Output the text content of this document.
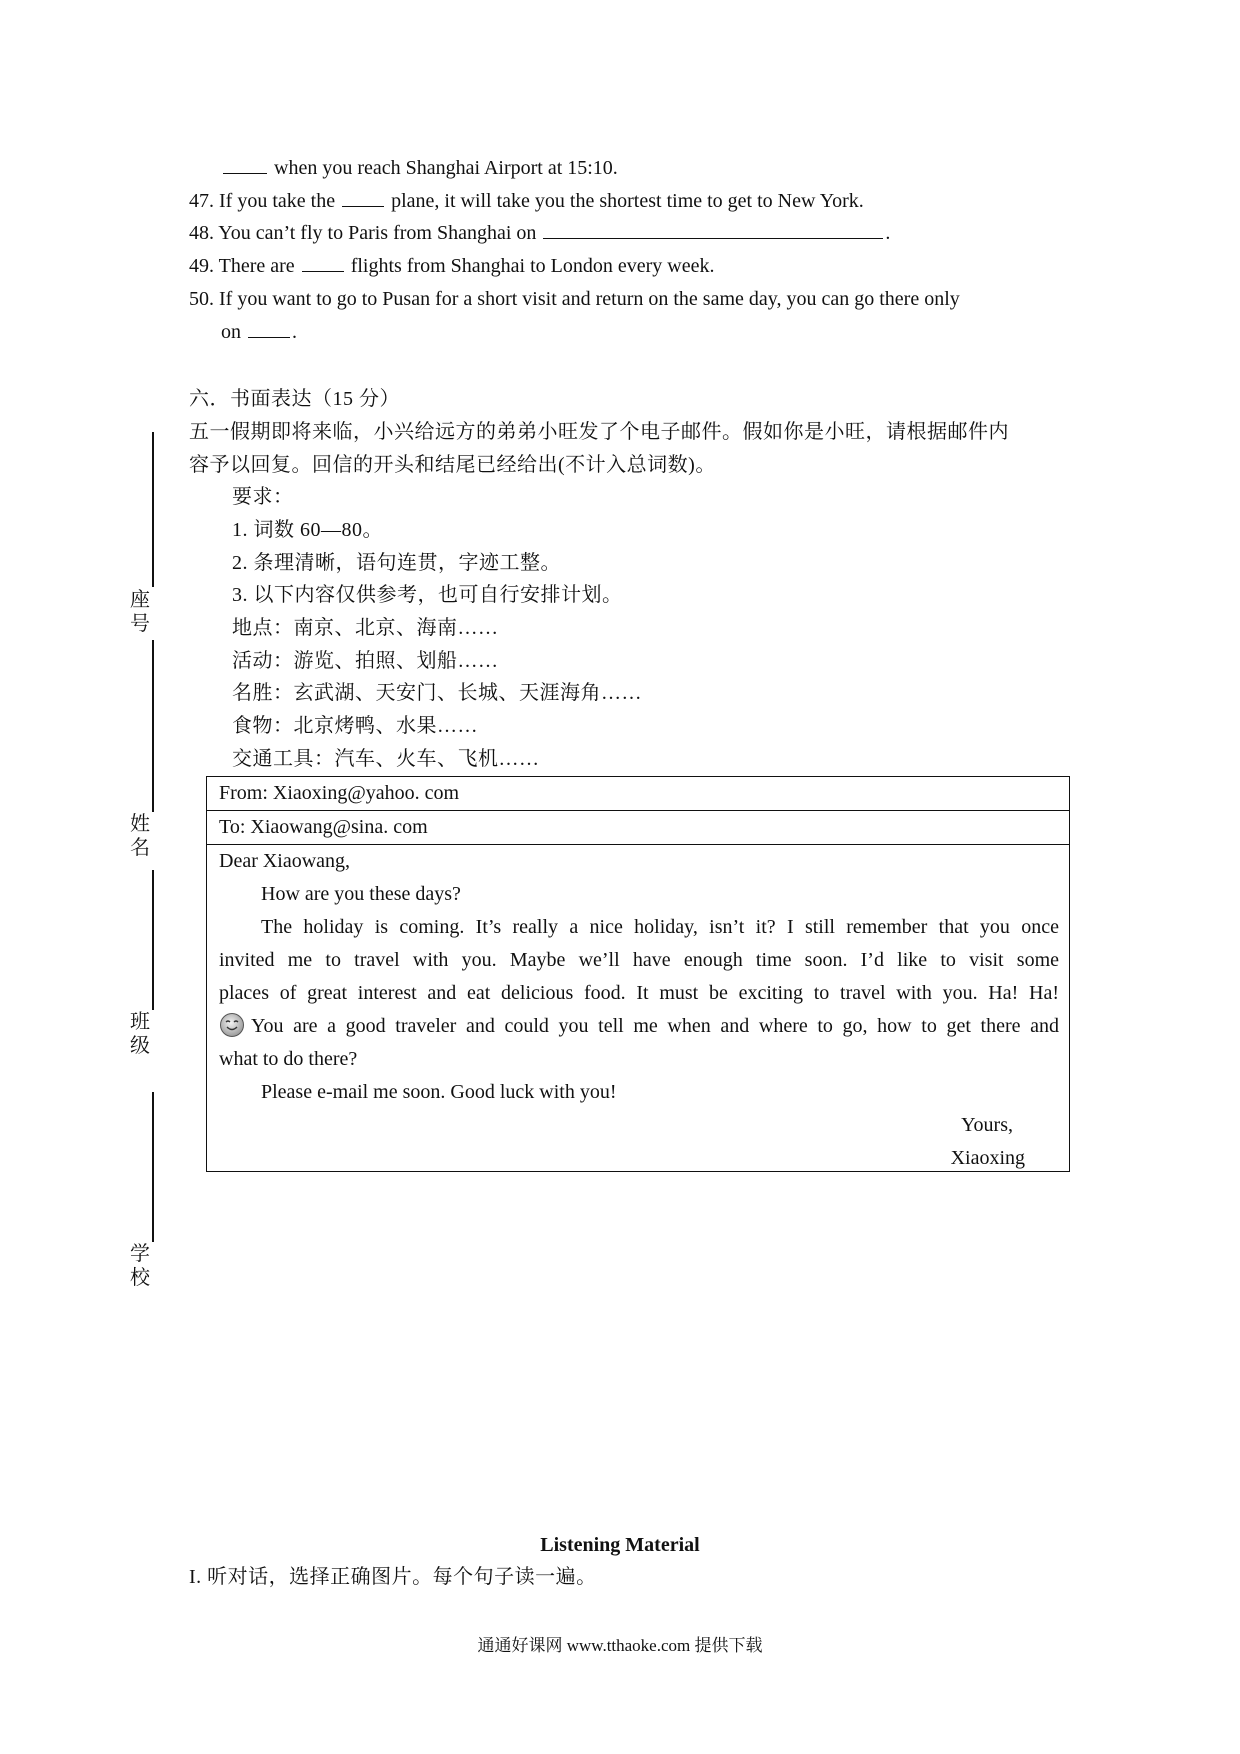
when you reach Shanghai Airport at 15:10.
47. If you take the	plane, it will take you the shortest time to get to New York.
48. You can’t fly to Paris from Shanghai on	.
49. There are	flights from Shanghai to London every week.
50. If you want to go to Pusan for a short visit and return on the same day, you can go there only
on	.
六．书面表达（15 分）
五一假期即将来临，小兴给远方的弟弟小旺发了个电子邮件。假如你是小旺，请根据邮件内
容予以回复。回信的开头和结尾已经给出(不计入总词数)。
要求：
1. 词数 60—80。
2. 条理清晰，语句连贯，字迹工整。
3. 以下内容仅供参考，也可自行安排计划。
地点：南京、北京、海南……
活动：游览、拍照、划船……
名胜：玄武湖、天安门、长城、天涯海角……
食物：北京烤鸭、水果……
交通工具：汽车、火车、飞机……
From: Xiaoxing@yahoo. com
To: Xiaowang@sina. com

Dear Xiaowang,

How are you these days?

The holiday is coming. It’s really a nice holiday, isn’t it? I still remember that you once

invited me to travel with you. Maybe we’ll have enough time soon. I’d like to visit some

places of great interest and eat delicious food. It must be exciting to travel with you. Ha! Ha!

You are a good traveler and could you tell me when and where to go, how to get there and

what to do there?

Please e-mail me soon. Good luck with you!

Yours,

Xiaoxing

座号
姓名
班级
学校
Listening Material
I. 听对话，选择正确图片。每个句子读一遍。
通通好课网 www.tthaoke.com 提供下载
